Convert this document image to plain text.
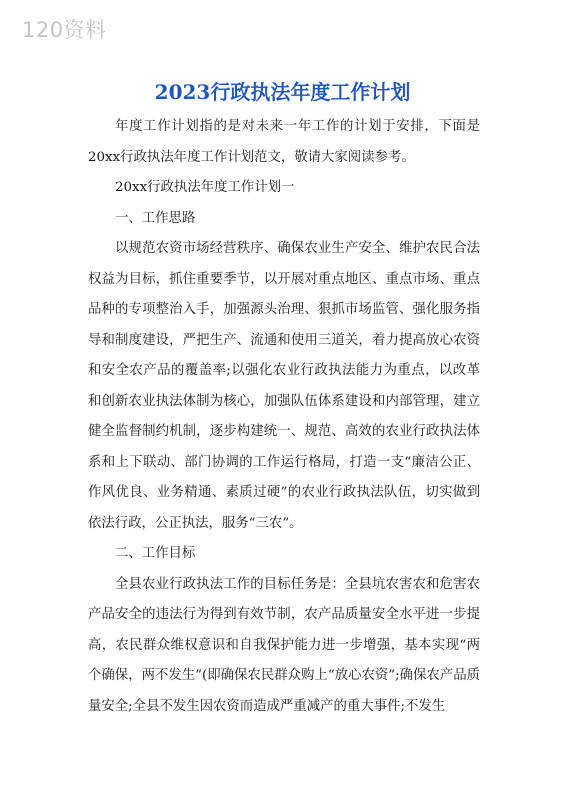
120资料
2023行政执法年度工作计划

年度工作计划指的是对未来一年工作的计划于安排，下面是20xx行政执法年度工作计划范文，敬请大家阅读参考。

20xx行政执法年度工作计划一

一、工作思路

以规范农资市场经营秩序、确保农业生产安全、维护农民合法权益为目标，抓住重要季节，以开展对重点地区、重点市场、重点品种的专项整治入手，加强源头治理、狠抓市场监管、强化服务指导和制度建设，严把生产、流通和使用三道关，着力提高放心农资和安全农产品的覆盖率;以强化农业行政执法能力为重点，以改革和创新农业执法体制为核心，加强队伍体系建设和内部管理，建立健全监督制约机制，逐步构建统一、规范、高效的农业行政执法体系和上下联动、部门协调的工作运行格局，打造一支“廉洁公正、作风优良、业务精通、素质过硬”的农业行政执法队伍，切实做到依法行政，公正执法，服务“三农”。

二、工作目标

全县农业行政执法工作的目标任务是：全县坑农害农和危害农产品安全的违法行为得到有效节制，农产品质量安全水平进一步提高，农民群众维权意识和自我保护能力进一步增强，基本实现“两个确保，两不发生”(即确保农民群众购上“放心农资”;确保农产品质量安全;全县不发生因农资而造成严重减产的重大事件;不发生
